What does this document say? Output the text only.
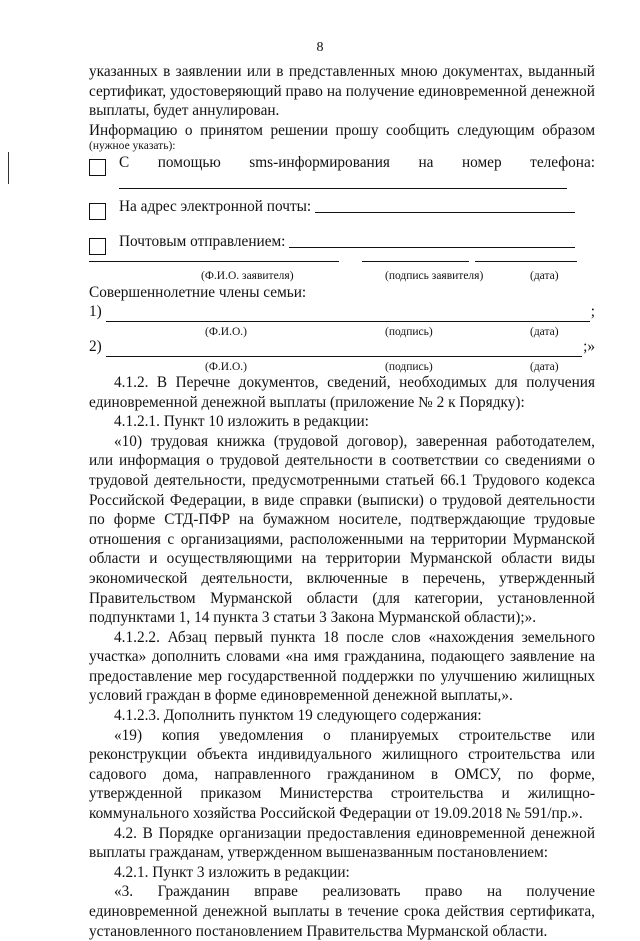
8

указанных в заявлении или в представленных мною документах, выданный

сертификат, удостоверяющий право на получение единовременной денежной

выплаты, будет аннулирован.

Информацию о принятом решении прошу сообщить следующим образом

(нужное указать):

С помощью sms-информирования на номер телефона:

На адрес электронной почты:
Почтовым отправлением:
(Ф.И.О. заявителя)	(подпись заявителя)	(дата)

Совершеннолетние члены семьи:

1)	;
(Ф.И.О.)	(подпись)	(дата)
2)	;»
(Ф.И.О.)	(подпись)	(дата)

4.1.2. В Перечне документов, сведений, необходимых для получения

единовременной денежной выплаты (приложение № 2 к Порядку):

4.1.2.1. Пункт 10 изложить в редакции:

«10) трудовая книжка (трудовой договор), заверенная работодателем,

или информация о трудовой деятельности в соответствии со сведениями о

трудовой деятельности, предусмотренными статьей 66.1 Трудового кодекса

Российской Федерации, в виде справки (выписки) о трудовой деятельности

по форме СТД-ПФР на бумажном носителе, подтверждающие трудовые

отношения с организациями, расположенными на территории Мурманской

области и осуществляющими на территории Мурманской области виды

экономической деятельности, включенные в перечень, утвержденный

Правительством Мурманской области (для категории, установленной

подпунктами 1, 14 пункта 3 статьи 3 Закона Мурманской области);».

4.1.2.2. Абзац первый пункта 18 после слов «нахождения земельного

участка» дополнить словами «на имя гражданина, подающего заявление на

предоставление мер государственной поддержки по улучшению жилищных

условий граждан в форме единовременной денежной выплаты,».

4.1.2.3. Дополнить пунктом 19 следующего содержания:

«19) копия уведомления о планируемых строительстве или

реконструкции объекта индивидуального жилищного строительства или

садового дома, направленного гражданином в ОМСУ, по форме,

утвержденной приказом Министерства строительства и жилищно-

коммунального хозяйства Российской Федерации от 19.09.2018 № 591/пр.».

4.2. В Порядке организации предоставления единовременной денежной

выплаты гражданам, утвержденном вышеназванным постановлением:

4.2.1. Пункт 3 изложить в редакции:

«3. Гражданин вправе реализовать право на получение

единовременной денежной выплаты в течение срока действия сертификата,

установленного постановлением Правительства Мурманской области.
